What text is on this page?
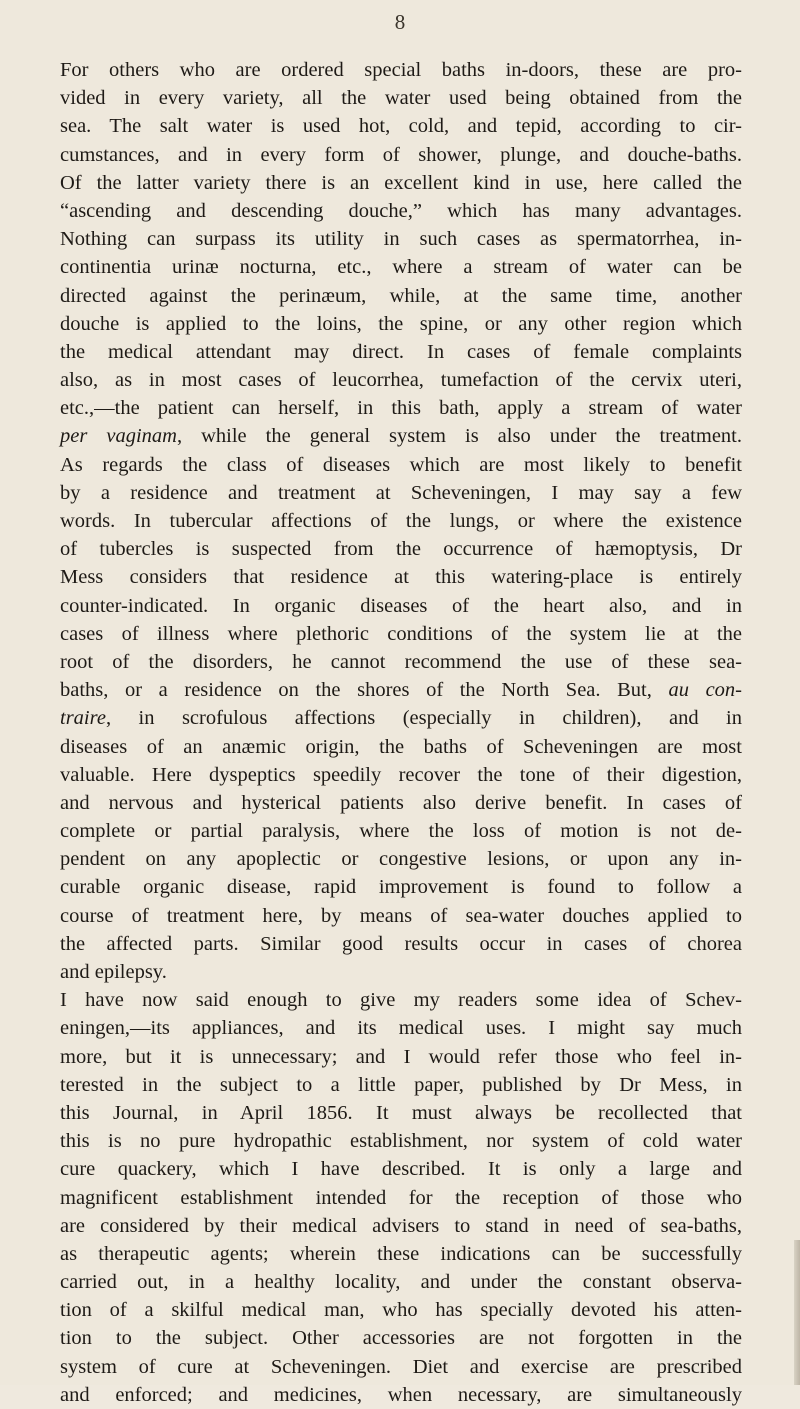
8
For others who are ordered special baths in-doors, these are pro-
vided in every variety, all the water used being obtained from the
sea. The salt water is used hot, cold, and tepid, according to cir-
cumstances, and in every form of shower, plunge, and douche-baths.
Of the latter variety there is an excellent kind in use, here called the
“ascending and descending douche,” which has many advantages.
Nothing can surpass its utility in such cases as spermatorrhea, in-
continentia urinæ nocturna, etc., where a stream of water can be
directed against the perinæum, while, at the same time, another
douche is applied to the loins, the spine, or any other region which
the medical attendant may direct. In cases of female complaints
also, as in most cases of leucorrhea, tumefaction of the cervix uteri,
etc.,—the patient can herself, in this bath, apply a stream of water
per vaginam, while the general system is also under the treatment.
As regards the class of diseases which are most likely to benefit
by a residence and treatment at Scheveningen, I may say a few
words. In tubercular affections of the lungs, or where the existence
of tubercles is suspected from the occurrence of hæmoptysis, Dr
Mess considers that residence at this watering-place is entirely
counter-indicated. In organic diseases of the heart also, and in
cases of illness where plethoric conditions of the system lie at the
root of the disorders, he cannot recommend the use of these sea-
baths, or a residence on the shores of the North Sea. But, au con-
traire, in scrofulous affections (especially in children), and in
diseases of an anæmic origin, the baths of Scheveningen are most
valuable. Here dyspeptics speedily recover the tone of their digestion,
and nervous and hysterical patients also derive benefit. In cases of
complete or partial paralysis, where the loss of motion is not de-
pendent on any apoplectic or congestive lesions, or upon any in-
curable organic disease, rapid improvement is found to follow a
course of treatment here, by means of sea-water douches applied to
the affected parts. Similar good results occur in cases of chorea
and epilepsy.
I have now said enough to give my readers some idea of Schev-
eningen,—its appliances, and its medical uses. I might say much
more, but it is unnecessary; and I would refer those who feel in-
terested in the subject to a little paper, published by Dr Mess, in
this Journal, in April 1856. It must always be recollected that
this is no pure hydropathic establishment, nor system of cold water
cure quackery, which I have described. It is only a large and
magnificent establishment intended for the reception of those who
are considered by their medical advisers to stand in need of sea-baths,
as therapeutic agents; wherein these indications can be successfully
carried out, in a healthy locality, and under the constant observa-
tion of a skilful medical man, who has specially devoted his atten-
tion to the subject. Other accessories are not forgotten in the
system of cure at Scheveningen. Diet and exercise are prescribed
and enforced; and medicines, when necessary, are simultaneously
